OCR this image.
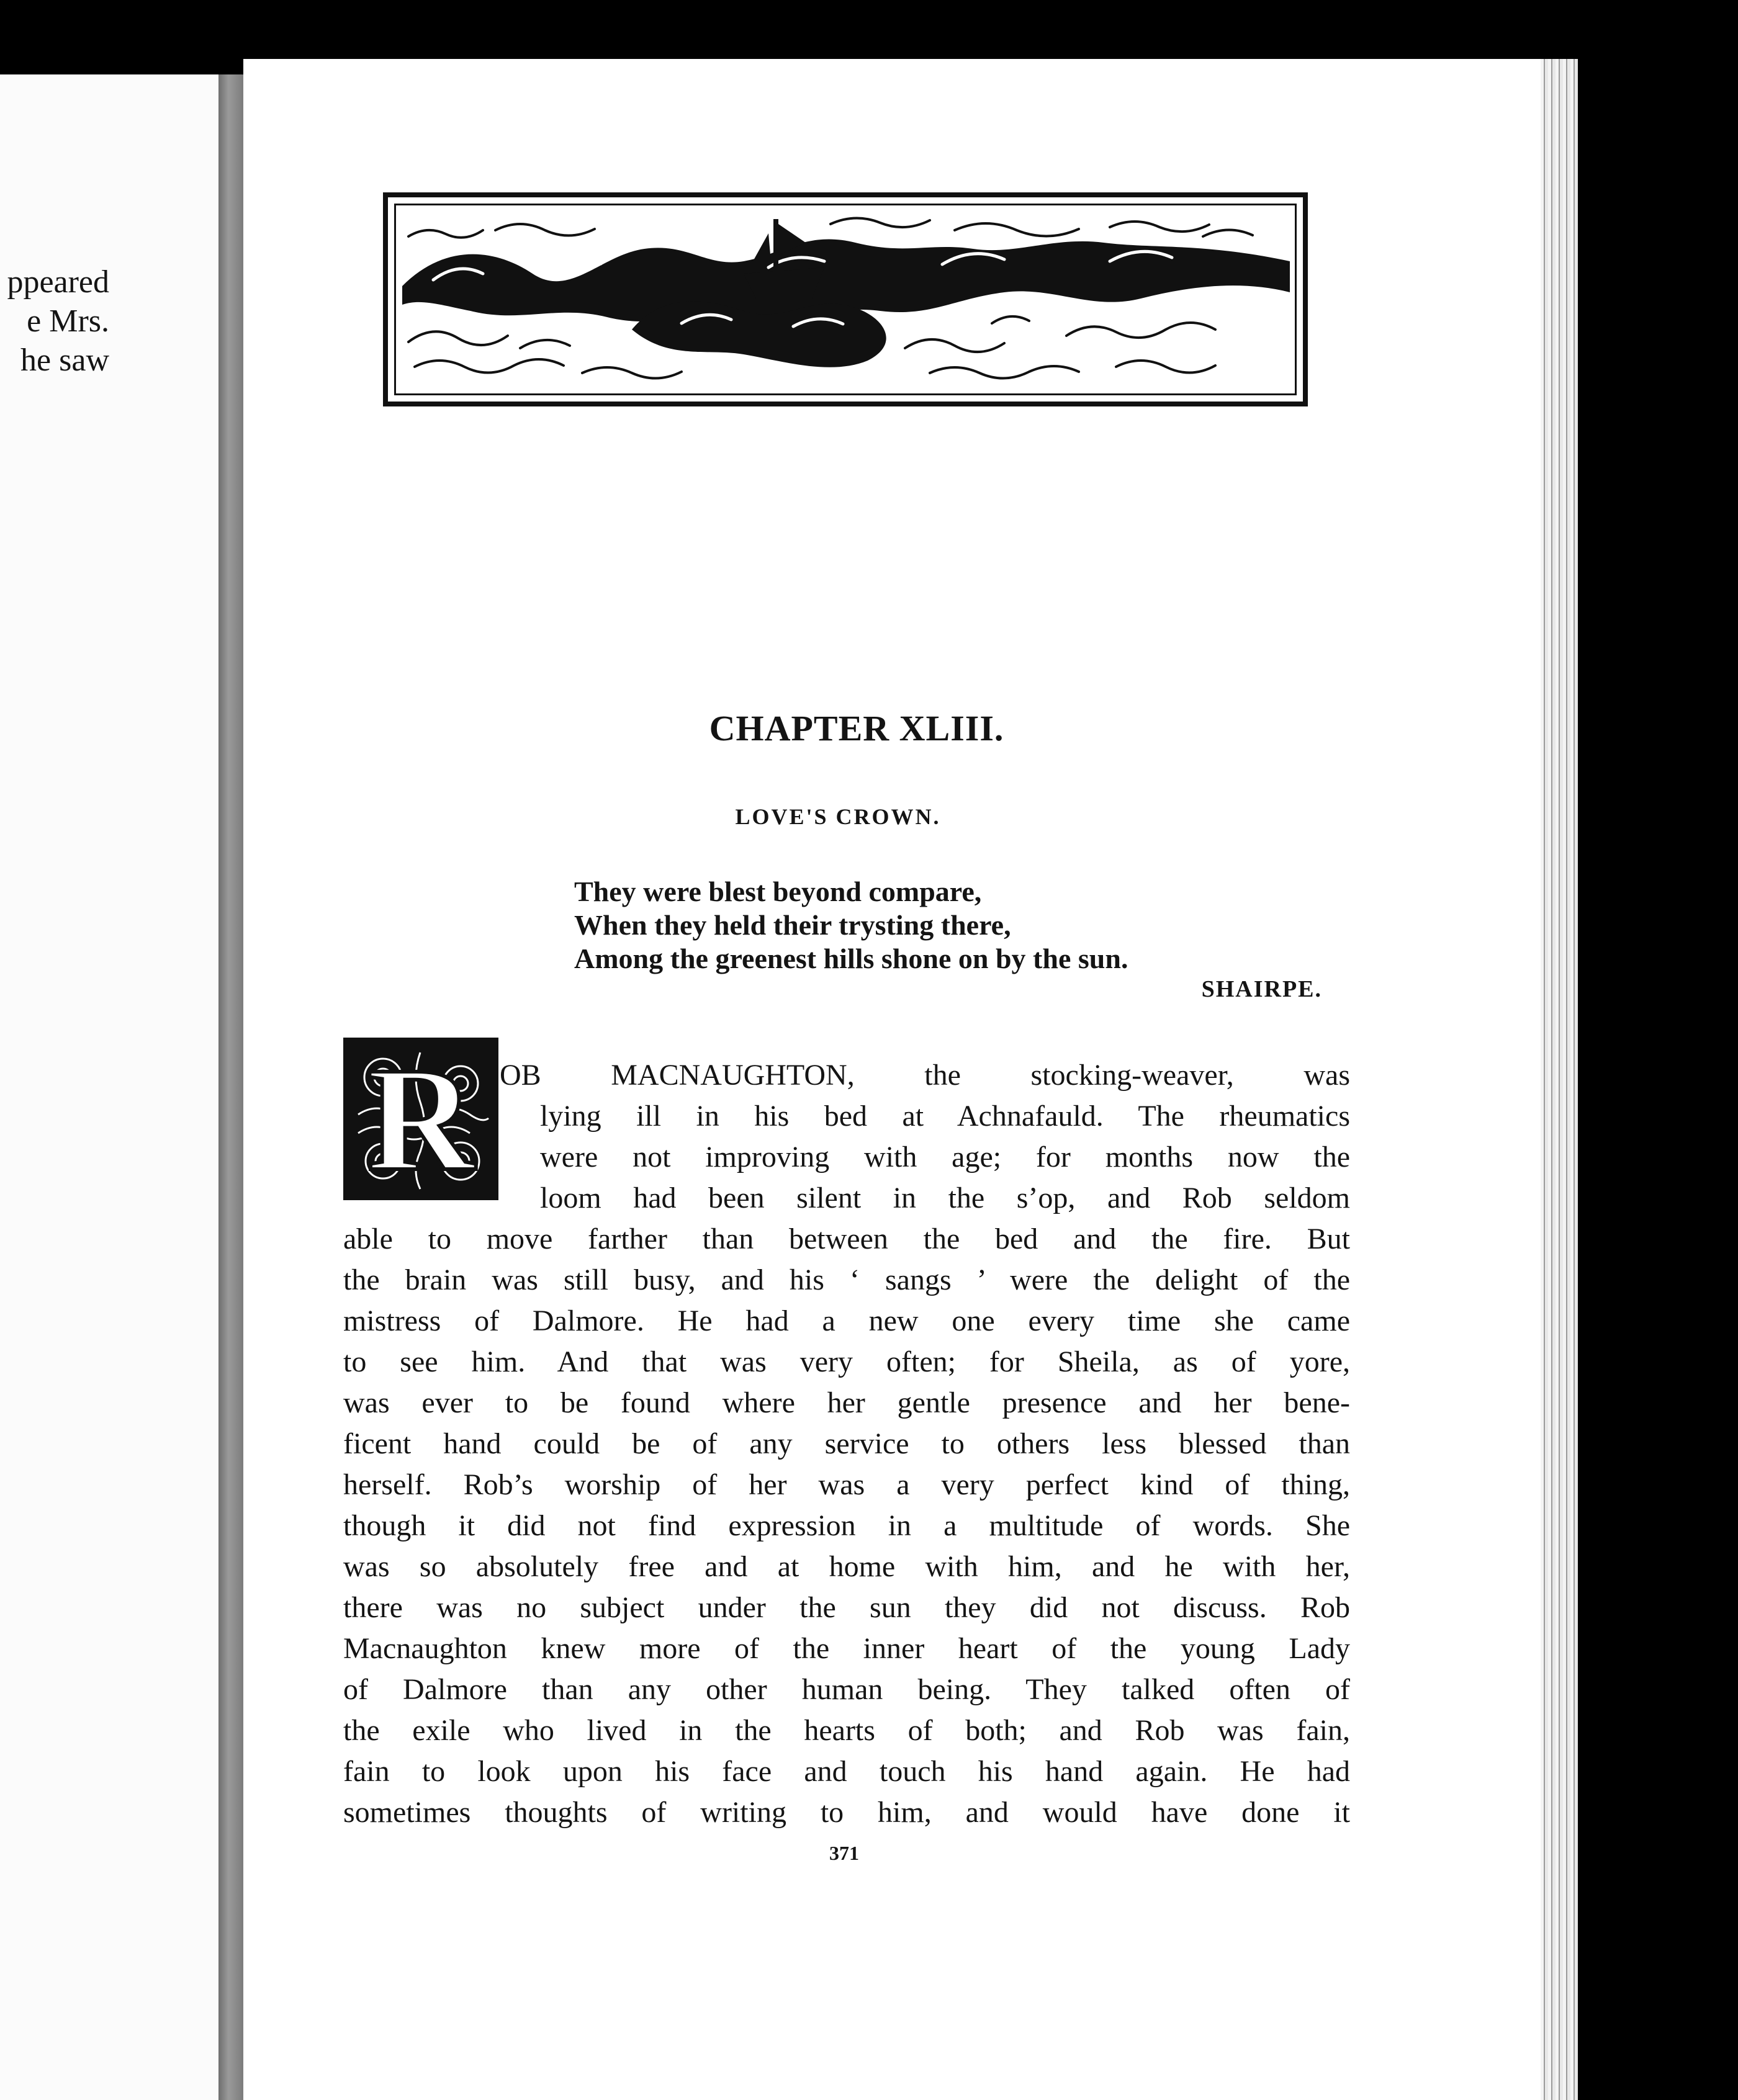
ppeared
e Mrs.
he saw
CHAPTER XLIII.
LOVE'S CROWN.
They were blest beyond compare,
When they held their trysting there,
Among the greenest hills shone on by the sun.
SHAIRPE.
R OB MACNAUGHTON, the stocking-weaver, was
lying ill in his bed at Achnafauld. The rheumatics
were not improving with age; for months now the
loom had been silent in the sʼop, and Rob seldom
able to move farther than between the bed and the fire. But
the brain was still busy, and his ‘ sangs ’ were the delight of the
mistress of Dalmore. He had a new one every time she came
to see him. And that was very often; for Sheila, as of yore,
was ever to be found where her gentle presence and her bene-
ficent hand could be of any service to others less blessed than
herself. Rob’s worship of her was a very perfect kind of thing,
though it did not find expression in a multitude of words. She
was so absolutely free and at home with him, and he with her,
there was no subject under the sun they did not discuss. Rob
Macnaughton knew more of the inner heart of the young Lady
of Dalmore than any other human being. They talked often of
the exile who lived in the hearts of both; and Rob was fain,
fain to look upon his face and touch his hand again. He had
sometimes thoughts of writing to him, and would have done it
371
